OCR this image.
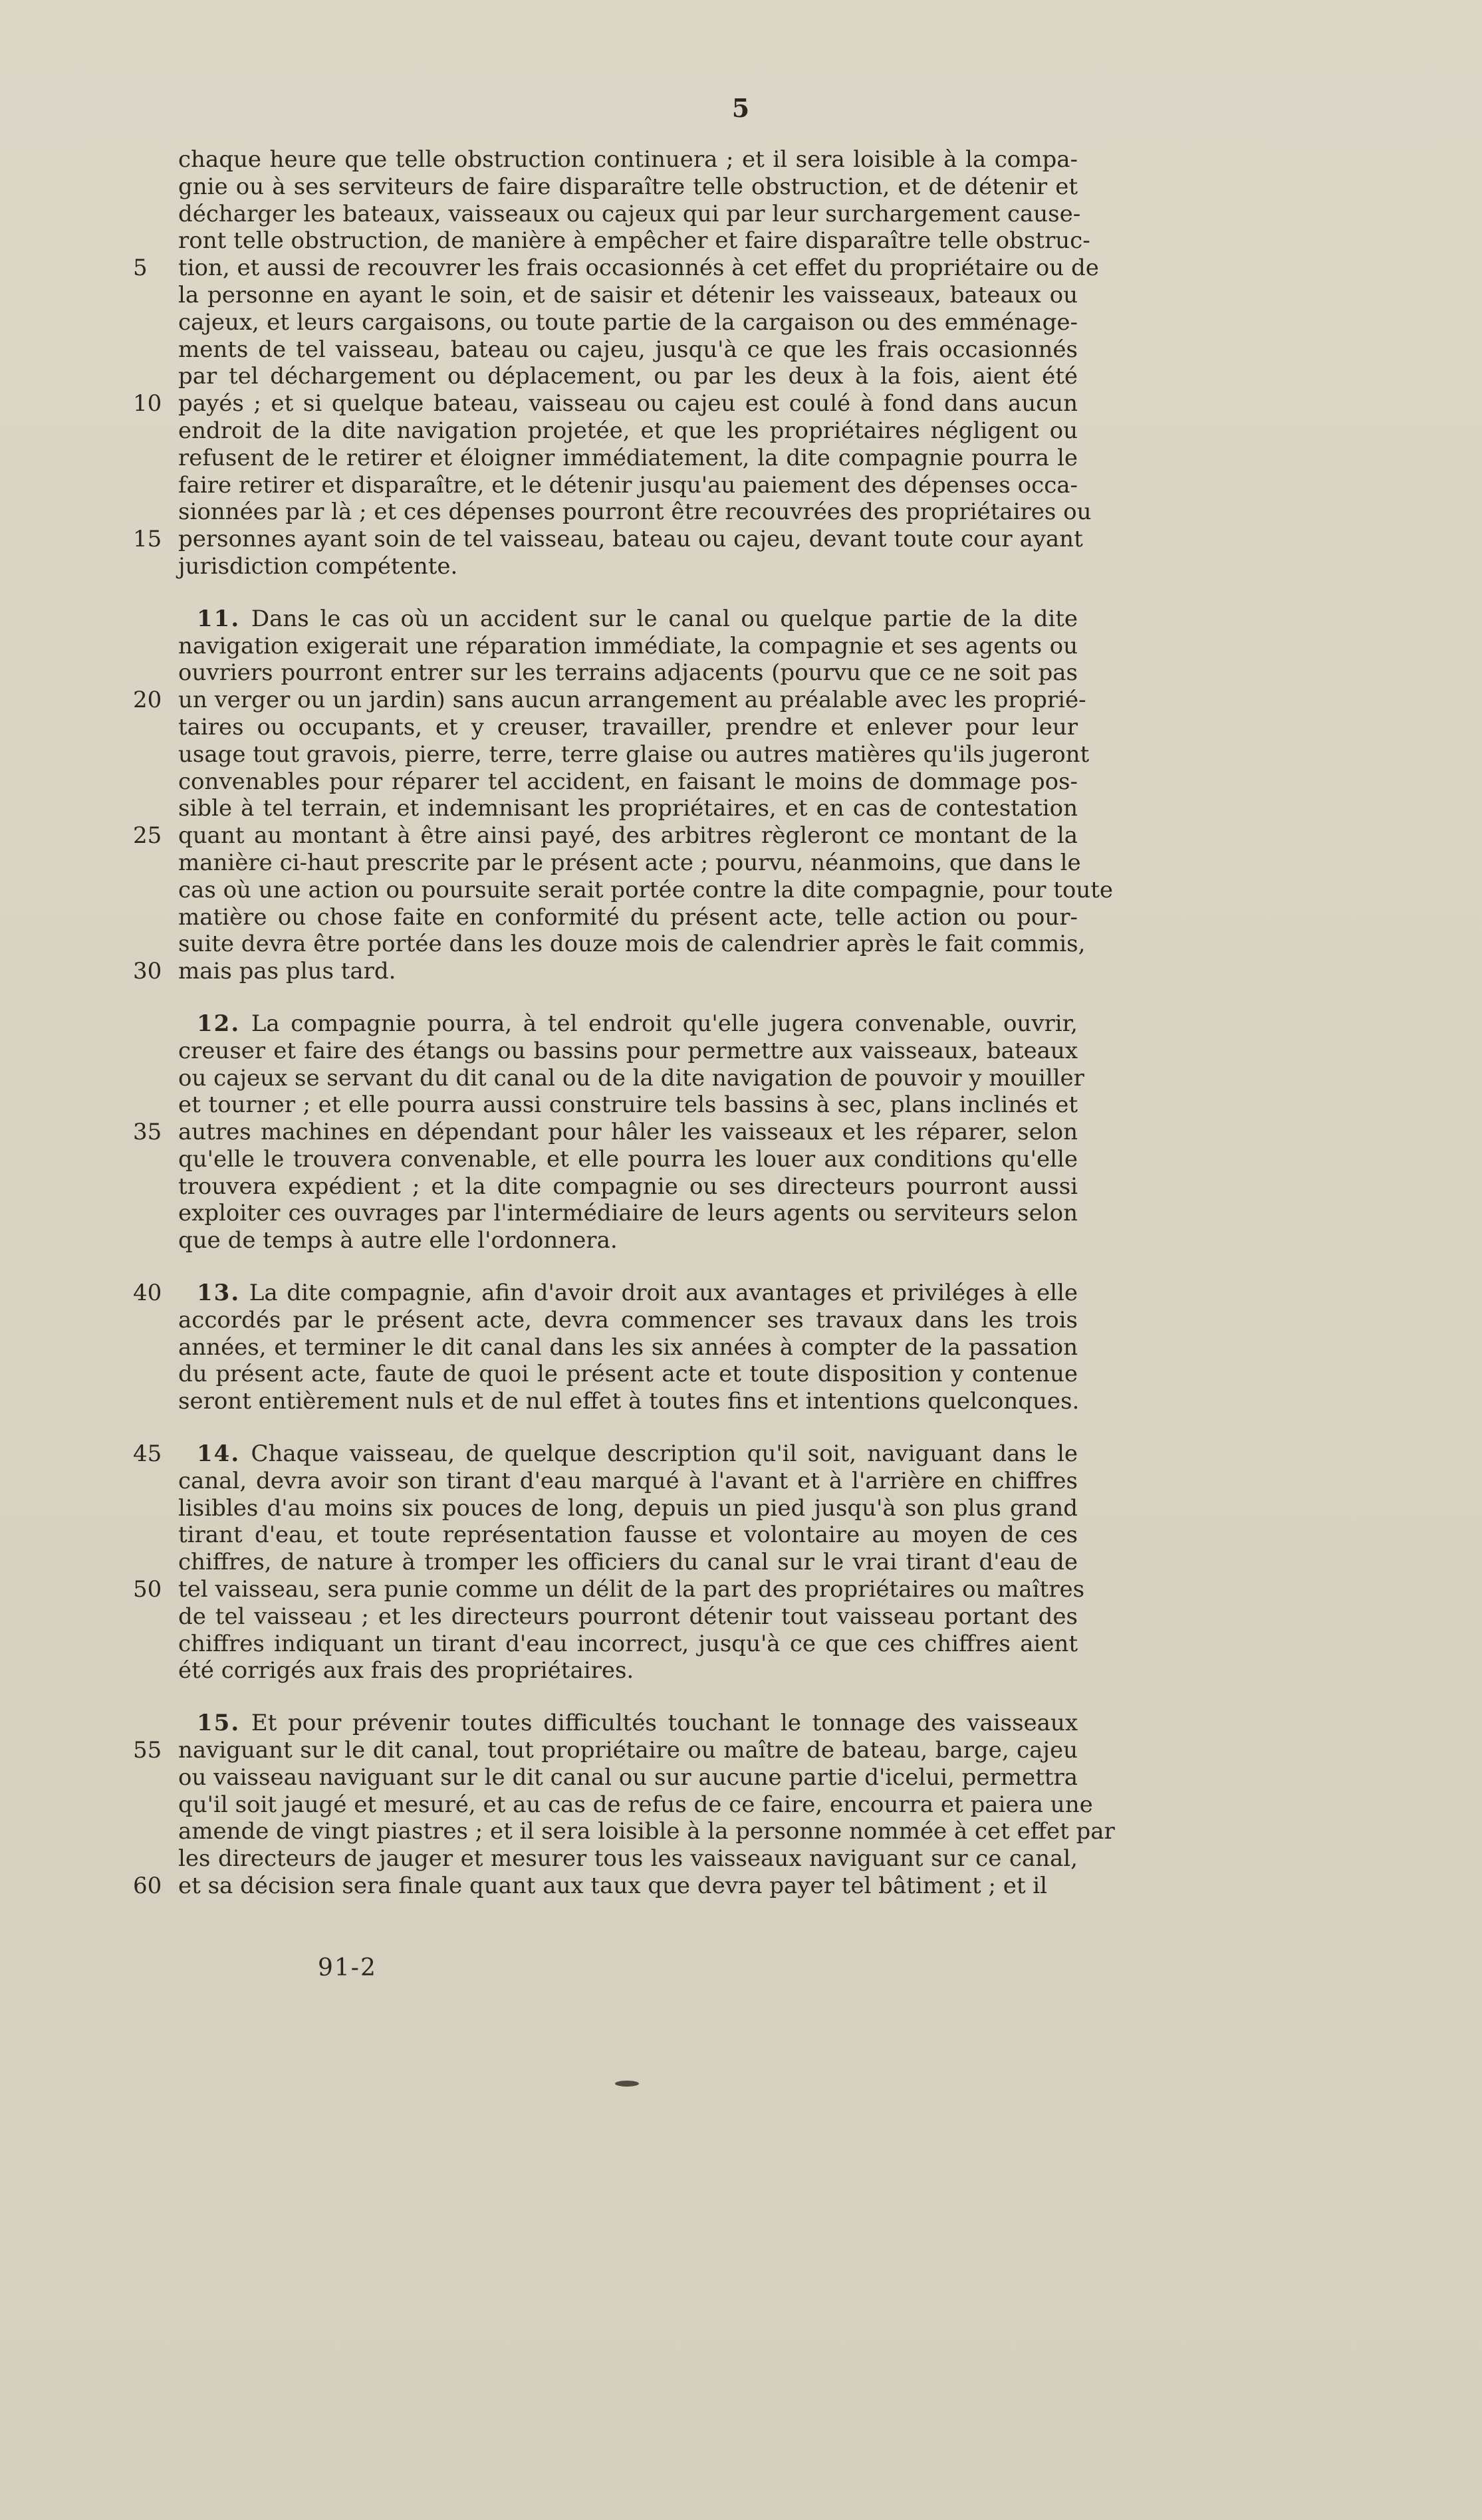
5
chaque heure que telle obstruction continuera ; et il sera loisible à la compa-
gnie ou à ses serviteurs de faire disparaître telle obstruction, et de détenir et
décharger les bateaux, vaisseaux ou cajeux qui par leur surchargement cause-
ront telle obstruction, de manière à empêcher et faire disparaître telle obstruc-
5	tion, et aussi de recouvrer les frais occasionnés à cet effet du propriétaire ou de
la personne en ayant le soin, et de saisir et détenir les vaisseaux, bateaux ou
cajeux, et leurs cargaisons, ou toute partie de la cargaison ou des emménage-
ments de tel vaisseau, bateau ou cajeu, jusqu'à ce que les frais occasionnés
par tel déchargement ou déplacement, ou par les deux à la fois, aient été
10 payés ; et si quelque bateau, vaisseau ou cajeu est coulé à fond dans aucun
endroit de la dite navigation projetée, et que les propriétaires négligent ou
refusent de le retirer et éloigner immédiatement, la dite compagnie pourra le
faire retirer et disparaître, et le détenir jusqu'au paiement des dépenses occa-
sionnées par là ; et ces dépenses pourront être recouvrées des propriétaires ou
15 personnes ayant soin de tel vaisseau, bateau ou cajeu, devant toute cour ayant
jurisdiction compétente.
11. Dans le cas où un accident sur le canal ou quelque partie de la dite
navigation exigerait une réparation immédiate, la compagnie et ses agents ou
ouvriers pourront entrer sur les terrains adjacents (pourvu que ce ne soit pas
20 un verger ou un jardin) sans aucun arrangement au préalable avec les proprié-
taires ou occupants, et y creuser, travailler, prendre et enlever pour leur
usage tout gravois, pierre, terre, terre glaise ou autres matières qu'ils jugeront
convenables pour réparer tel accident, en faisant le moins de dommage pos-
sible à tel terrain, et indemnisant les propriétaires, et en cas de contestation
25 quant au montant à être ainsi payé, des arbitres règleront ce montant de la
manière ci-haut prescrite par le présent acte ; pourvu, néanmoins, que dans le
cas où une action ou poursuite serait portée contre la dite compagnie, pour toute
matière ou chose faite en conformité du présent acte, telle action ou pour-
suite devra être portée dans les douze mois de calendrier après le fait commis,
30 mais pas plus tard.
12. La compagnie pourra, à tel endroit qu'elle jugera convenable, ouvrir,
creuser et faire des étangs ou bassins pour permettre aux vaisseaux, bateaux
ou cajeux se servant du dit canal ou de la dite navigation de pouvoir y mouiller
et tourner ; et elle pourra aussi construire tels bassins à sec, plans inclinés et
35 autres machines en dépendant pour hâler les vaisseaux et les réparer, selon
qu'elle le trouvera convenable, et elle pourra les louer aux conditions qu'elle
trouvera expédient ; et la dite compagnie ou ses directeurs pourront aussi
exploiter ces ouvrages par l'intermédiaire de leurs agents ou serviteurs selon
que de temps à autre elle l'ordonnera.
40	13. La dite compagnie, afin d'avoir droit aux avantages et priviléges à elle
accordés par le présent acte, devra commencer ses travaux dans les trois
années, et terminer le dit canal dans les six années à compter de la passation
du présent acte, faute de quoi le présent acte et toute disposition y contenue
seront entièrement nuls et de nul effet à toutes fins et intentions quelconques.
45	14. Chaque vaisseau, de quelque description qu'il soit, naviguant dans le
canal, devra avoir son tirant d'eau marqué à l'avant et à l'arrière en chiffres
lisibles d'au moins six pouces de long, depuis un pied jusqu'à son plus grand
tirant d'eau, et toute représentation fausse et volontaire au moyen de ces
chiffres, de nature à tromper les officiers du canal sur le vrai tirant d'eau de
50 tel vaisseau, sera punie comme un délit de la part des propriétaires ou maîtres
de tel vaisseau ; et les directeurs pourront détenir tout vaisseau portant des
chiffres indiquant un tirant d'eau incorrect, jusqu'à ce que ces chiffres aient
été corrigés aux frais des propriétaires.
15. Et pour prévenir toutes difficultés touchant le tonnage des vaisseaux
55 naviguant sur le dit canal, tout propriétaire ou maître de bateau, barge, cajeu
ou vaisseau naviguant sur le dit canal ou sur aucune partie d'icelui, permettra
qu'il soit jaugé et mesuré, et au cas de refus de ce faire, encourra et paiera une
amende de vingt piastres ; et il sera loisible à la personne nommée à cet effet par
les directeurs de jauger et mesurer tous les vaisseaux naviguant sur ce canal,
60 et sa décision sera finale quant aux taux que devra payer tel bâtiment ; et il
91-2
